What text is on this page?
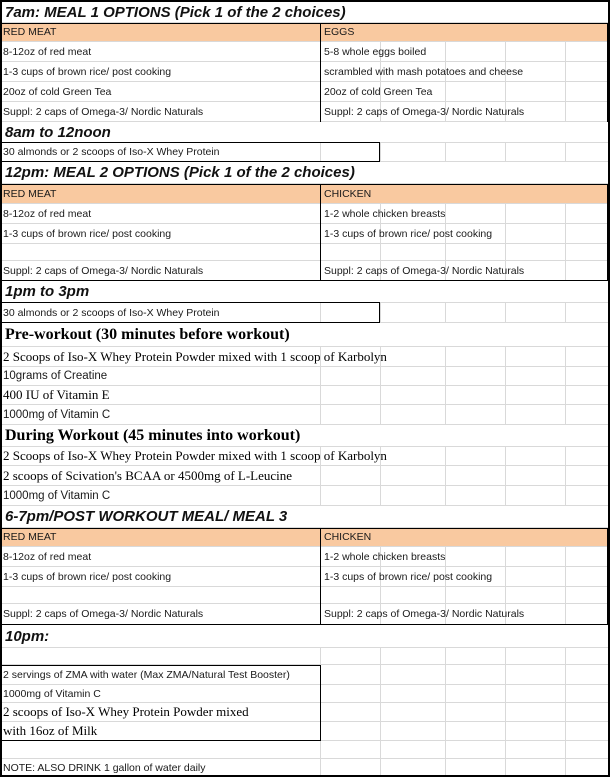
7am: MEAL 1 OPTIONS (Pick 1 of the 2 choices)
RED MEAT	EGGS
8-12oz of red meat	5-8 whole eggs boiled
1-3 cups of brown rice/ post cooking	scrambled with mash potatoes and cheese
20oz of cold Green Tea	20oz of cold Green Tea
Suppl: 2 caps of Omega-3/ Nordic Naturals	Suppl: 2 caps of Omega-3/ Nordic Naturals
8am to 12noon
30 almonds or 2 scoops of Iso-X Whey Protein
12pm: MEAL 2 OPTIONS (Pick 1 of the 2 choices)
RED MEAT	CHICKEN
8-12oz of red meat	1-2 whole chicken breasts
1-3 cups of brown rice/ post cooking	1-3 cups of brown rice/ post cooking
Suppl: 2 caps of Omega-3/ Nordic Naturals	Suppl: 2 caps of Omega-3/ Nordic Naturals
1pm to 3pm
30 almonds or 2 scoops of Iso-X Whey Protein
Pre-workout (30 minutes before workout)
2 Scoops of Iso-X Whey Protein Powder mixed with 1 scoop of Karbolyn
10grams of Creatine
400 IU of Vitamin E
1000mg of Vitamin C
During Workout (45 minutes into workout)
2 Scoops of Iso-X Whey Protein Powder mixed with 1 scoop of Karbolyn
2 scoops of Scivation's BCAA or 4500mg of L-Leucine
1000mg of Vitamin C
6-7pm/POST WORKOUT MEAL/ MEAL 3
RED MEAT	CHICKEN
8-12oz of red meat	1-2 whole chicken breasts
1-3 cups of brown rice/ post cooking	1-3 cups of brown rice/ post cooking
Suppl: 2 caps of Omega-3/ Nordic Naturals	Suppl: 2 caps of Omega-3/ Nordic Naturals
10pm:
2 servings of ZMA with water (Max ZMA/Natural Test Booster)
1000mg of Vitamin C
2 scoops of Iso-X Whey Protein Powder mixed
with 16oz of Milk
NOTE: ALSO DRINK 1 gallon of water daily
